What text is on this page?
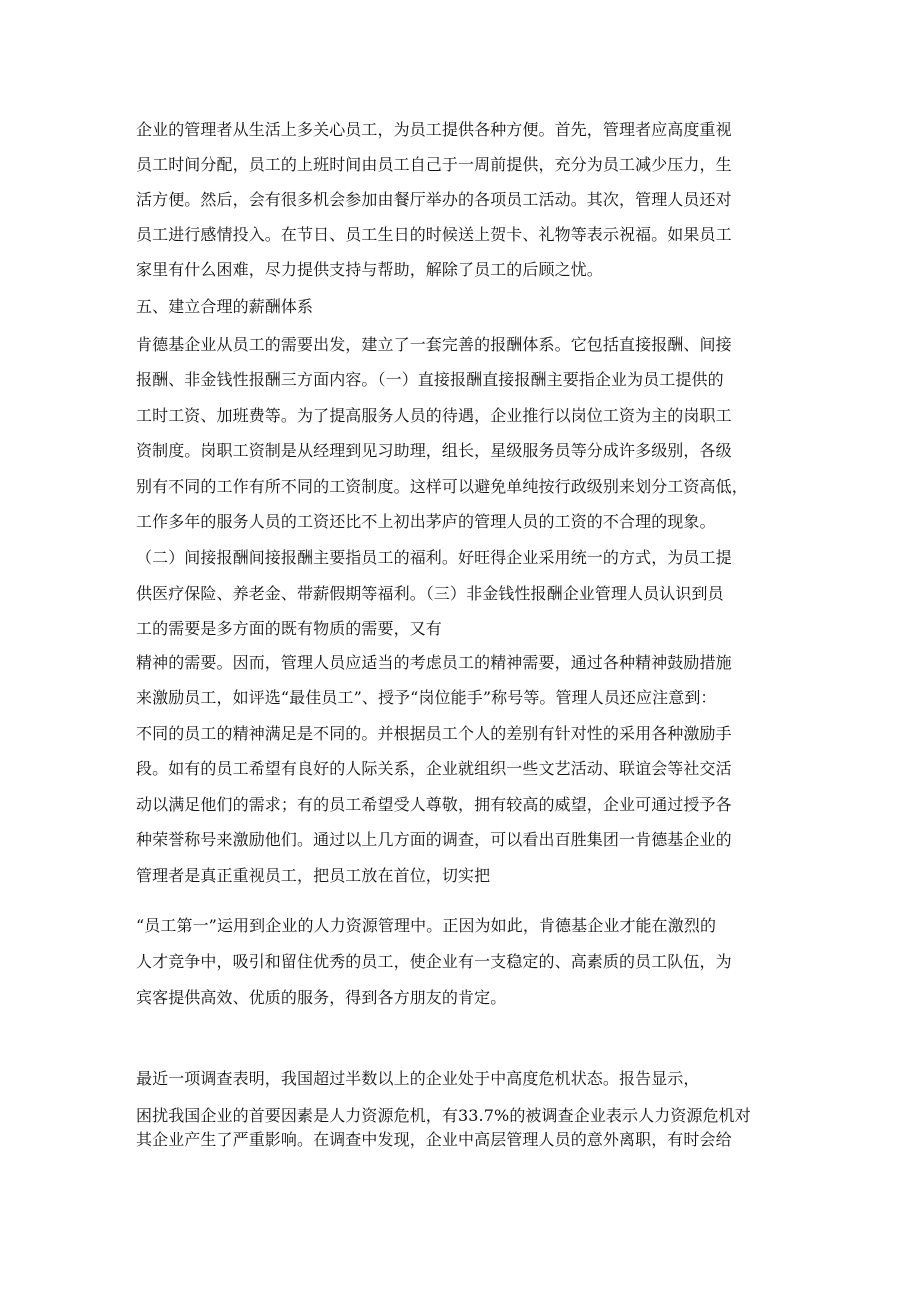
企业的管理者从生活上多关心员工，为员工提供各种方便。首先，管理者应高度重视
员工时间分配，员工的上班时间由员工自己于一周前提供，充分为员工减少压力，生
活方便。然后，会有很多机会参加由餐厅举办的各项员工活动。其次，管理人员还对
员工进行感情投入。在节日、员工生日的时候送上贺卡、礼物等表示祝福。如果员工
家里有什么困难，尽力提供支持与帮助，解除了员工的后顾之忧。
五、建立合理的薪酬体系
肯德基企业从员工的需要出发，建立了一套完善的报酬体系。它包括直接报酬、间接
报酬、非金钱性报酬三方面内容。（一）直接报酬直接报酬主要指企业为员工提供的
工时工资、加班费等。为了提高服务人员的待遇，企业推行以岗位工资为主的岗职工
资制度。岗职工资制是从经理到见习助理，组长，星级服务员等分成许多级别，各级
别有不同的工作有所不同的工资制度。这样可以避免单纯按行政级别来划分工资高低，
工作多年的服务人员的工资还比不上初出茅庐的管理人员的工资的不合理的现象。
（二）间接报酬间接报酬主要指员工的福利。好旺得企业采用统一的方式，为员工提
供医疗保险、养老金、带薪假期等福利。（三）非金钱性报酬企业管理人员认识到员
工的需要是多方面的既有物质的需要，又有
精神的需要。因而，管理人员应适当的考虑员工的精神需要，通过各种精神鼓励措施
来激励员工，如评选“最佳员工”、授予“岗位能手”称号等。管理人员还应注意到：
不同的员工的精神满足是不同的。并根据员工个人的差别有针对性的采用各种激励手
段。如有的员工希望有良好的人际关系，企业就组织一些文艺活动、联谊会等社交活
动以满足他们的需求；有的员工希望受人尊敬，拥有较高的威望，企业可通过授予各
种荣誉称号来激励他们。通过以上几方面的调查，可以看出百胜集团一肯德基企业的
管理者是真正重视员工，把员工放在首位，切实把
“员工第一”运用到企业的人力资源管理中。正因为如此，肯德基企业才能在激烈的
人才竞争中，吸引和留住优秀的员工，使企业有一支稳定的、高素质的员工队伍，为
宾客提供高效、优质的服务，得到各方朋友的肯定。
最近一项调查表明，我国超过半数以上的企业处于中高度危机状态。报告显示，
困扰我国企业的首要因素是人力资源危机，有33.7%的被调查企业表示人力资源危机对
其企业产生了严重影响。在调查中发现，企业中高层管理人员的意外离职，有时会给
